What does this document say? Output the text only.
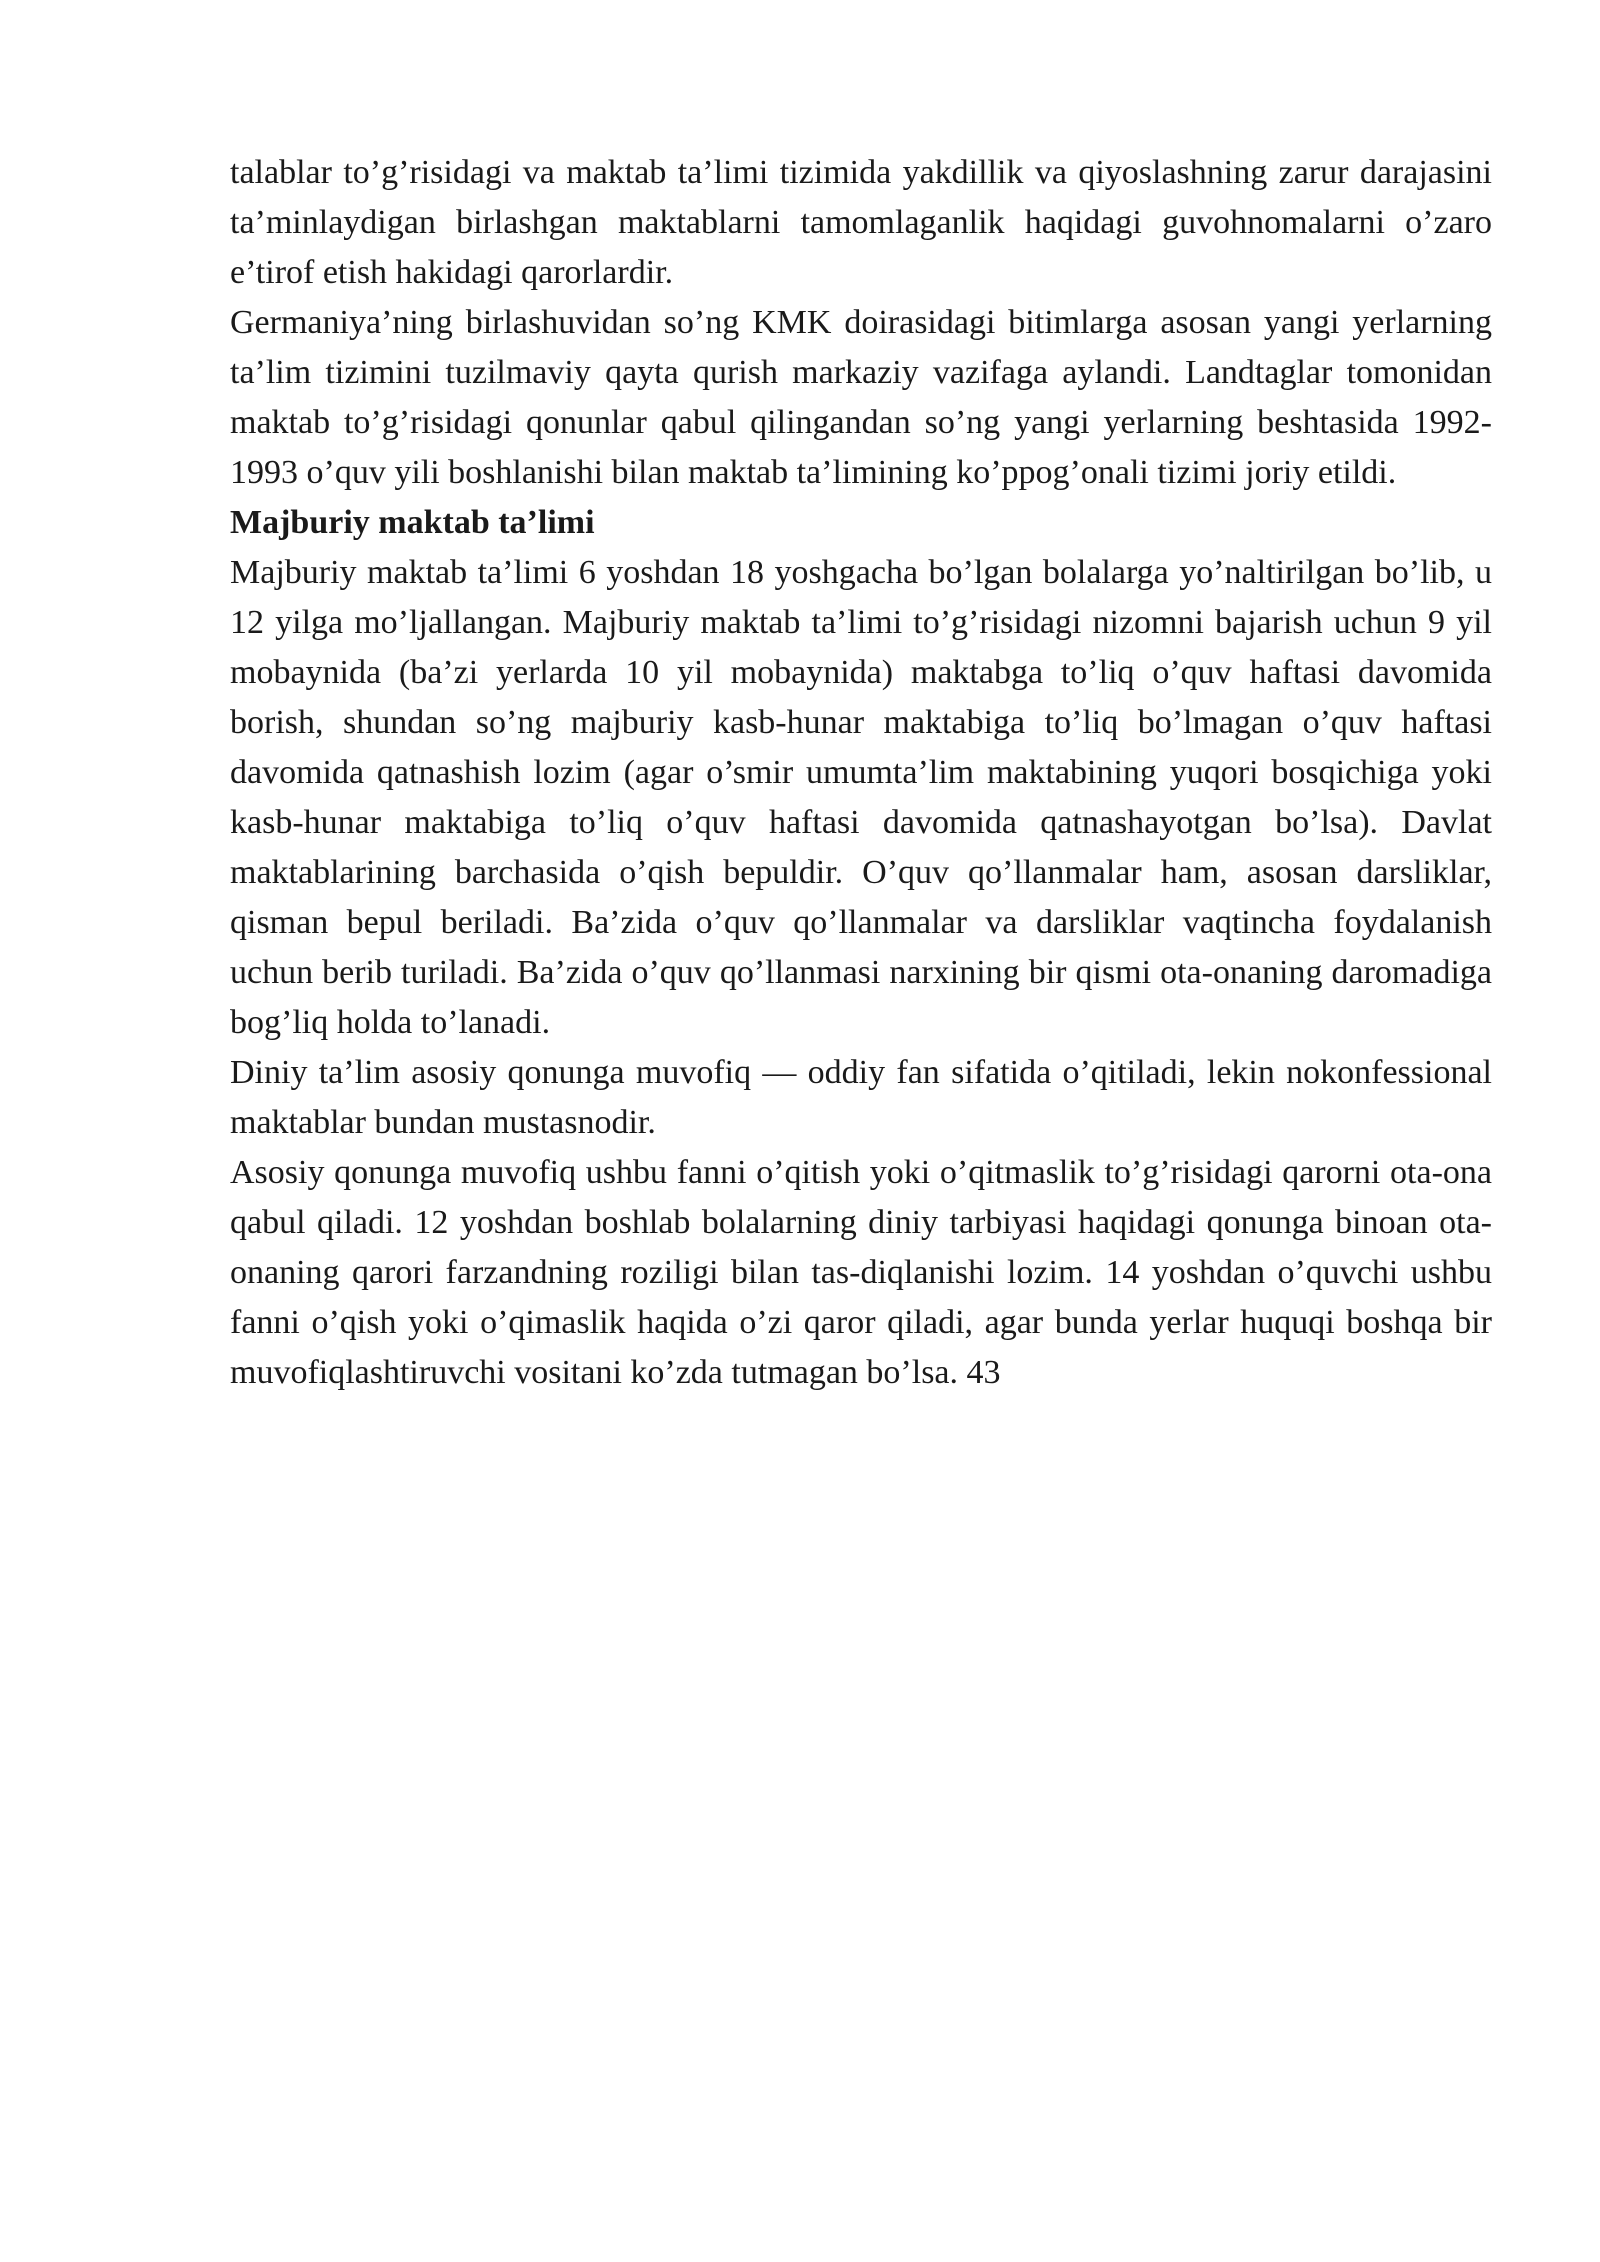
talablar to’g’risidagi va maktab ta’limi tizimida yakdillik va qiyoslashning zarur darajasini ta’minlaydigan birlashgan maktablarni tamomlaganlik haqidagi guvohnomalarni o’zaro e’tirof etish hakidagi qarorlardir.

Germaniya’ning birlashuvidan so’ng KMK doirasidagi bitimlarga asosan yangi yerlarning ta’lim tizimini tuzilmaviy qayta qurish markaziy vazifaga aylandi. Landtaglar tomonidan maktab to’g’risidagi qonunlar qabul qilingandan so’ng yangi yerlarning beshtasida 1992-1993 o’quv yili boshlanishi bilan maktab ta’limining ko’ppog’onali tizimi joriy etildi.

Majburiy maktab ta’limi

Majburiy maktab ta’limi 6 yoshdan 18 yoshgacha bo’lgan bolalarga yo’naltirilgan bo’lib, u 12 yilga mo’ljallangan. Majburiy maktab ta’limi to’g’risidagi nizomni bajarish uchun 9 yil mobaynida (ba’zi yerlarda 10 yil mobaynida) maktabga to’liq o’quv haftasi davomida borish, shundan so’ng majburiy kasb-hunar maktabiga to’liq bo’lmagan o’quv haftasi davomida qatnashish lozim (agar o’smir umumta’lim maktabining yuqori bosqichiga yoki kasb-hunar maktabiga to’liq o’quv haftasi davomida qatnashayotgan bo’lsa). Davlat maktablarining barchasida o’qish bepuldir. O’quv qo’llanmalar ham, asosan darsliklar, qisman bepul beriladi. Ba’zida o’quv qo’llanmalar va darsliklar vaqtincha foydalanish uchun berib turiladi. Ba’zida o’quv qo’llanmasi narxining bir qismi ota-onaning daromadiga bog’liq holda to’lanadi.

Diniy ta’lim asosiy qonunga muvofiq — oddiy fan sifatida o’qitiladi, lekin nokonfessional maktablar bundan mustasnodir.

Asosiy qonunga muvofiq ushbu fanni o’qitish yoki o’qitmaslik to’g’risidagi qarorni ota-ona qabul qiladi. 12 yoshdan boshlab bolalarning diniy tarbiyasi haqidagi qonunga binoan ota-onaning qarori farzandning roziligi bilan tas-diqlanishi lozim. 14 yoshdan o’quvchi ushbu fanni o’qish yoki o’qimaslik haqida o’zi qaror qiladi, agar bunda yerlar huquqi boshqa bir muvofiqlashtiruvchi vositani ko’zda tutmagan bo’lsa. 43
